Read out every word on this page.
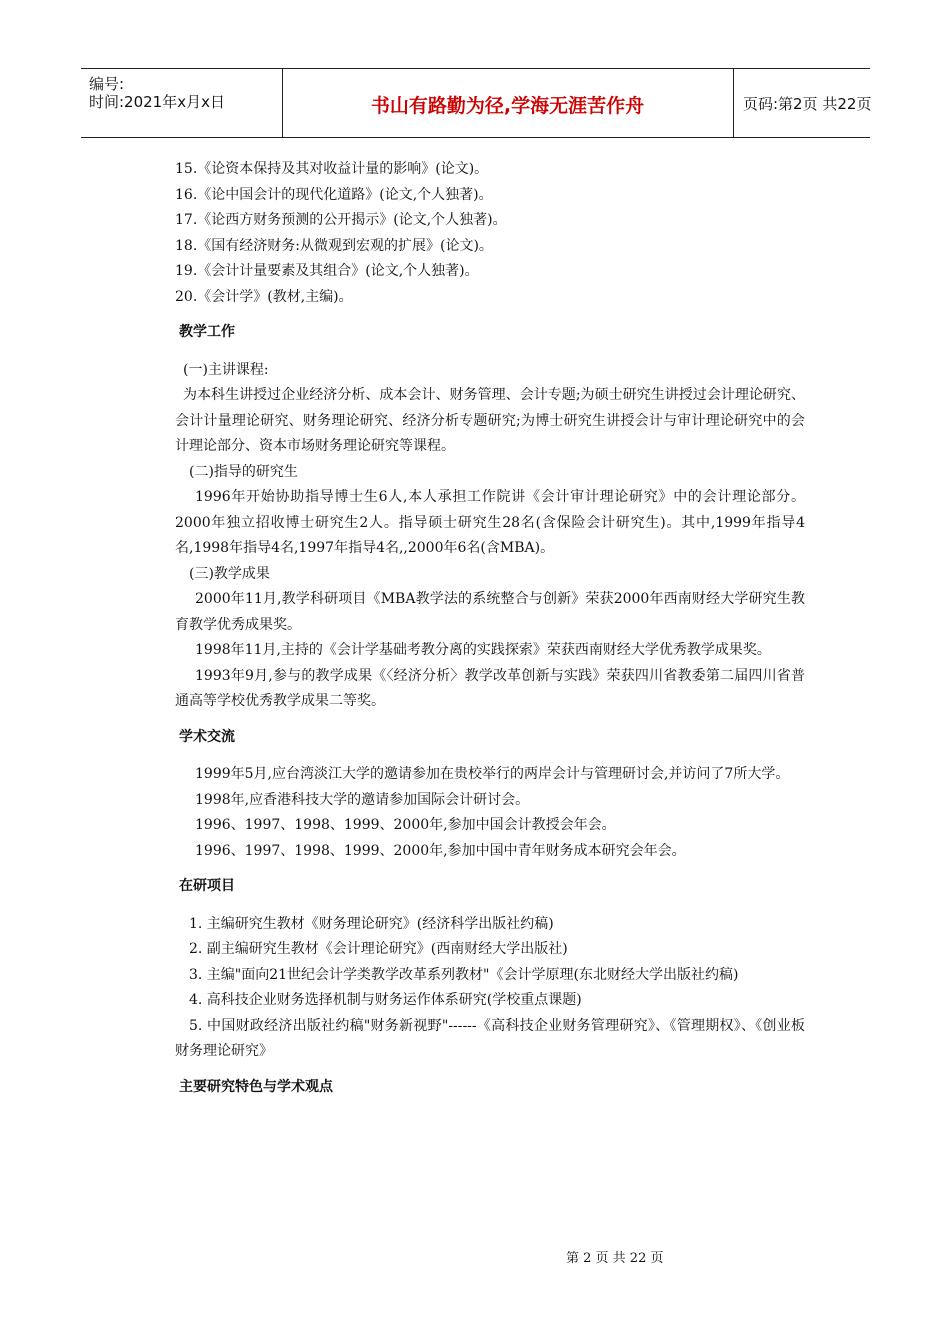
编号:
时间:2021年x月x日	书山有路勤为径,学海无涯苦作舟	页码:第2页 共22页

15.《论资本保持及其对收益计量的影响》(论文)。

16.《论中国会计的现代化道路》(论文,个人独著)。

17.《论西方财务预测的公开揭示》(论文,个人独著)。

18.《国有经济财务:从微观到宏观的扩展》(论文)。

19.《会计计量要素及其组合》(论文,个人独著)。

20.《会计学》(教材,主编)。

教学工作

(一)主讲课程:

为本科生讲授过企业经济分析、成本会计、财务管理、会计专题;为硕士研究生讲授过会计理论研究、会计计量理论研究、财务理论研究、经济分析专题研究;为博士研究生讲授会计与审计理论研究中的会计理论部分、资本市场财务理论研究等课程。

(二)指导的研究生

1996年开始协助指导博士生6人,本人承担工作院讲《会计审计理论研究》中的会计理论部分。2000年独立招收博士研究生2人。指导硕士研究生28名(含保险会计研究生)。其中,1999年指导4名,1998年指导4名,1997年指导4名,,2000年6名(含MBA)。

(三)教学成果

2000年11月,教学科研项目《MBA教学法的系统整合与创新》荣获2000年西南财经大学研究生教育教学优秀成果奖。

1998年11月,主持的《会计学基础考教分离的实践探索》荣获西南财经大学优秀教学成果奖。

1993年9月,参与的教学成果《〈经济分析〉教学改革创新与实践》荣获四川省教委第二届四川省普通高等学校优秀教学成果二等奖。

学术交流

1999年5月,应台湾淡江大学的邀请参加在贵校举行的两岸会计与管理研讨会,并访问了7所大学。

1998年,应香港科技大学的邀请参加国际会计研讨会。

1996、1997、1998、1999、2000年,参加中国会计教授会年会。

1996、1997、1998、1999、2000年,参加中国中青年财务成本研究会年会。

在研项目

1. 主编研究生教材《财务理论研究》(经济科学出版社约稿)

2. 副主编研究生教材《会计理论研究》(西南财经大学出版社)

3. 主编"面向21世纪会计学类教学改革系列教材"《会计学原理(东北财经大学出版社约稿)

4. 高科技企业财务选择机制与财务运作体系研究(学校重点课题)

5. 中国财政经济出版社约稿"财务新视野"------《高科技企业财务管理研究》、《管理期权》、《创业板财务理论研究》

主要研究特色与学术观点

第 2 页 共 22 页
